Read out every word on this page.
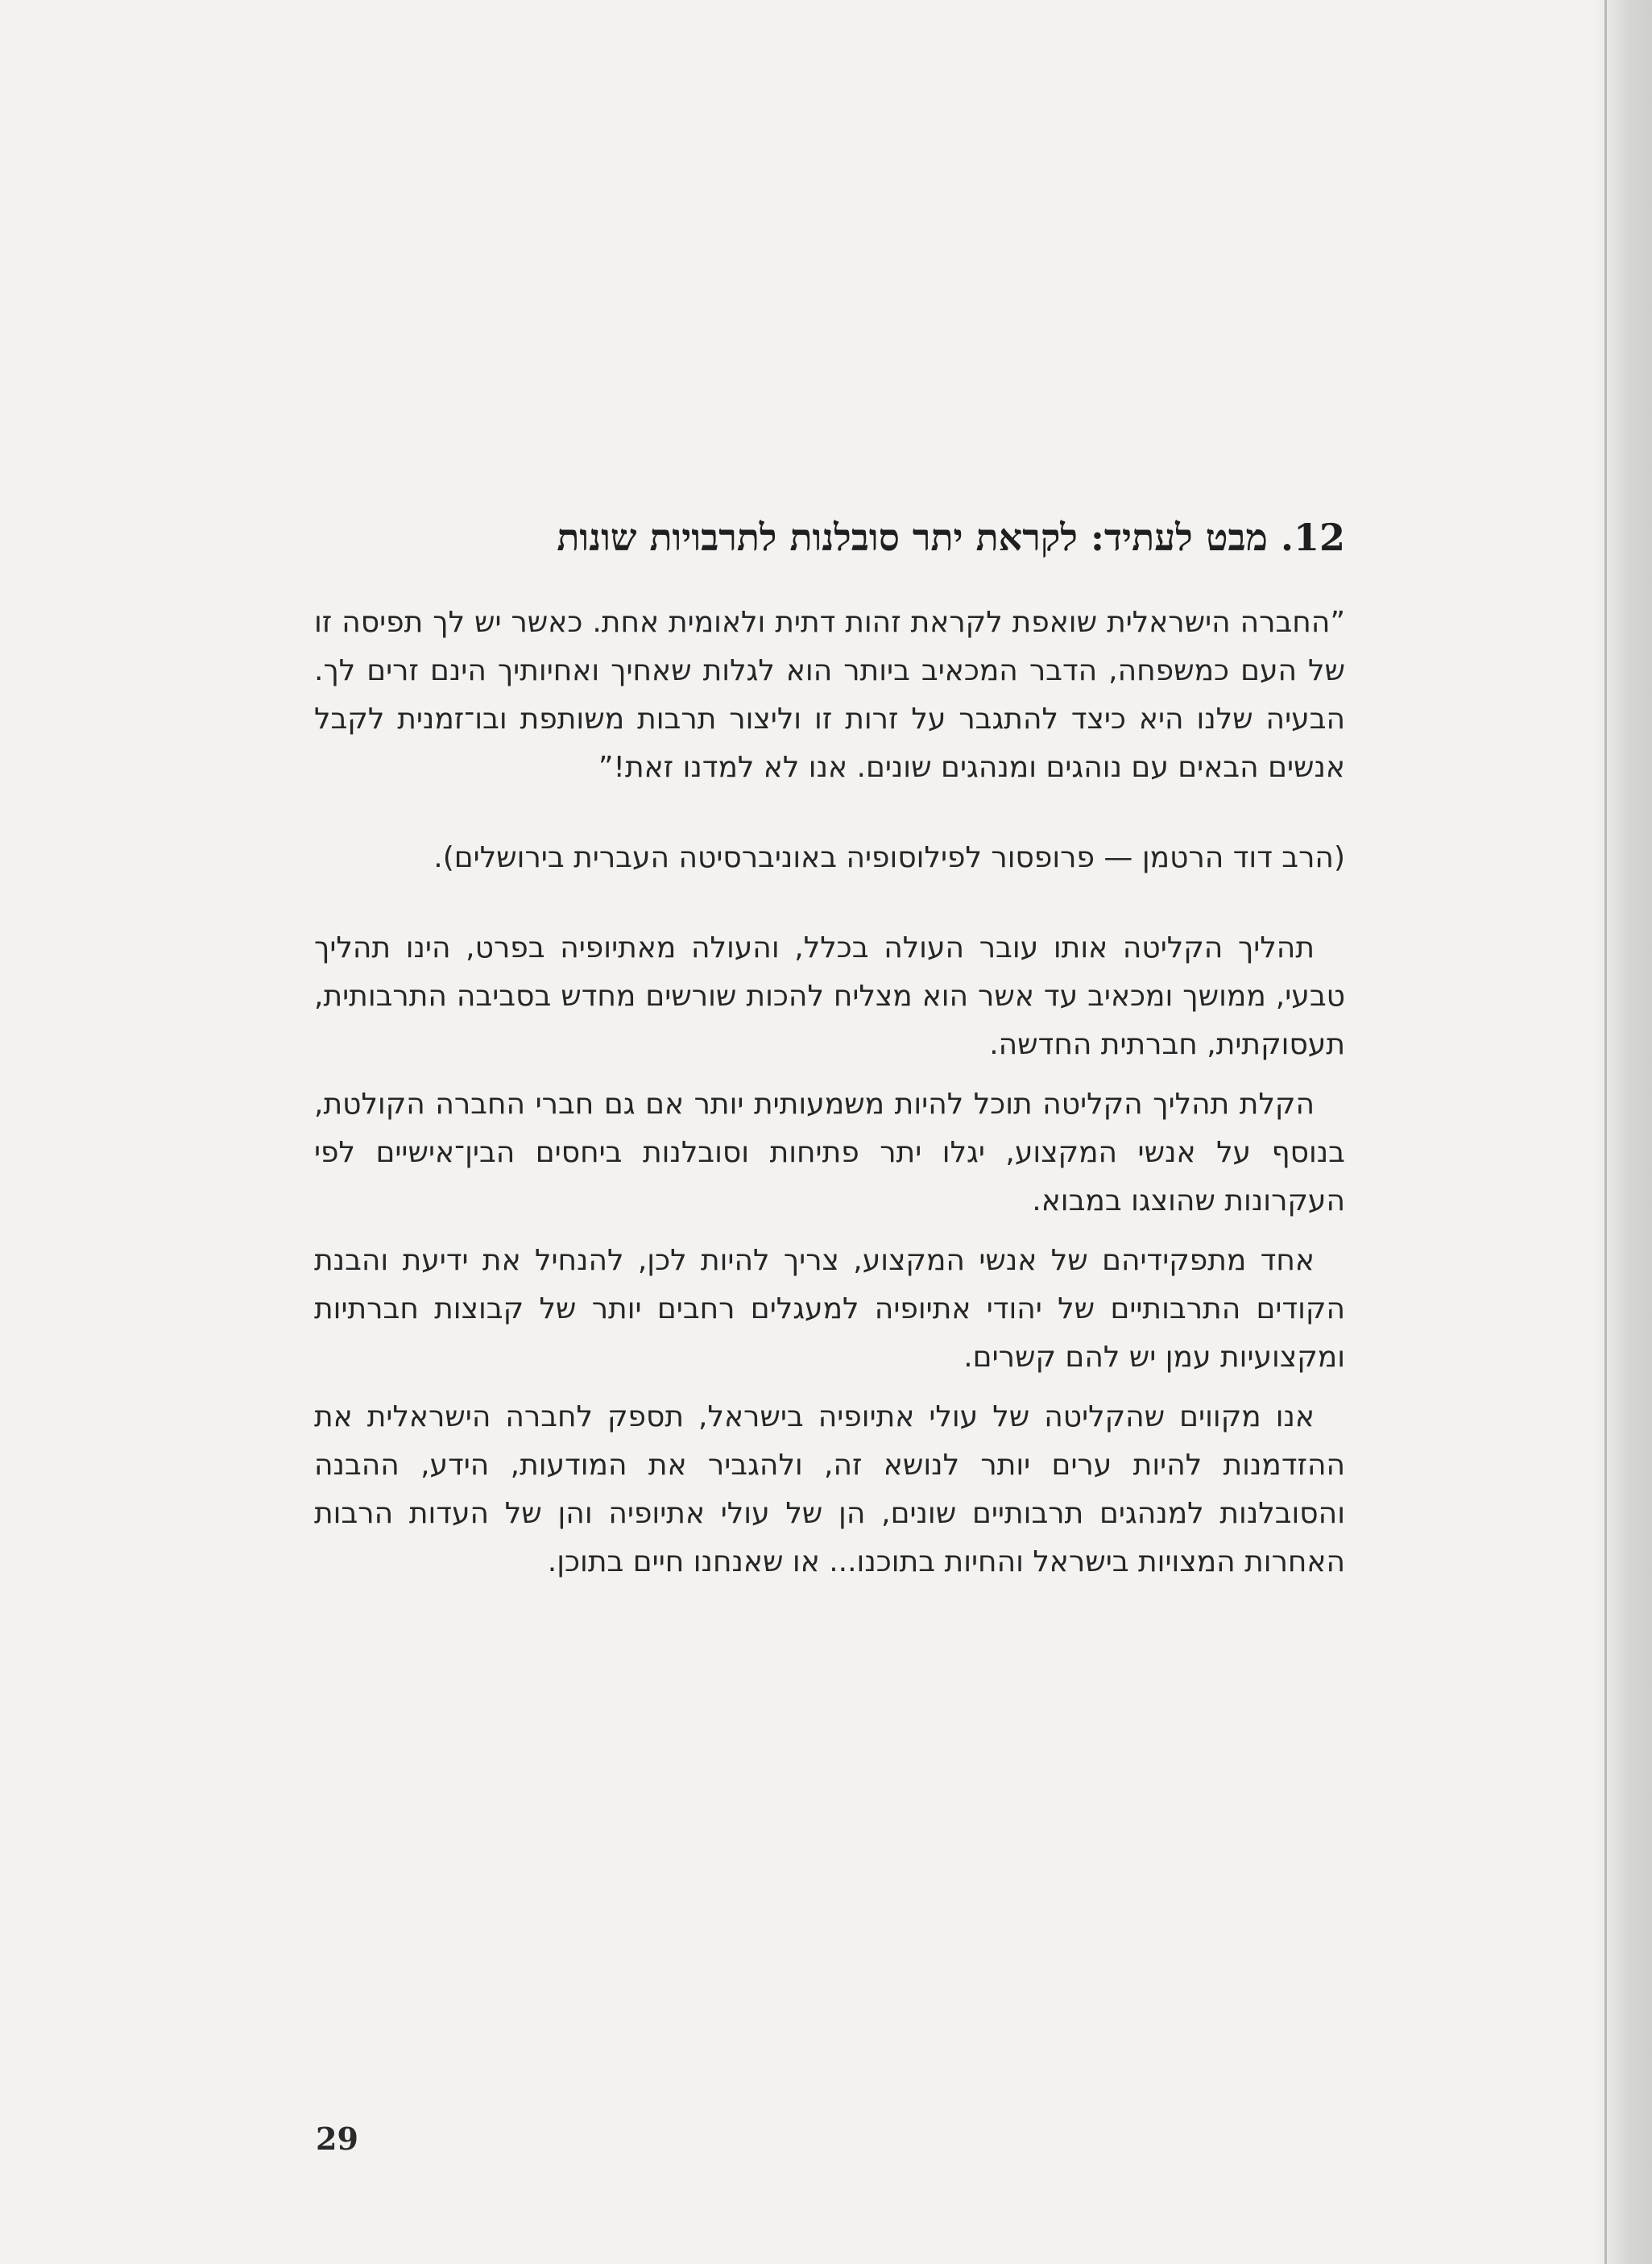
12. מבט לעתיד: לקראת יתר סובלנות לתרבויות שונות

”החברה הישראלית שואפת לקראת זהות דתית ולאומית אחת. כאשר יש לך תפיסה זו של העם כמשפחה, הדבר המכאיב ביותר הוא לגלות שאחיך ואחיותיך הינם זרים לך. הבעיה שלנו היא כיצד להתגבר על זרות זו וליצור תרבות משותפת ובו־זמנית לקבל אנשים הבאים עם נוהגים ומנהגים שונים. אנו לא למדנו זאת!”

(הרב דוד הרטמן — פרופסור לפילוסופיה באוניברסיטה העברית בירושלים).

תהליך הקליטה אותו עובר העולה בכלל, והעולה מאתיופיה בפרט, הינו תהליך טבעי, ממושך ומכאיב עד אשר הוא מצליח להכות שורשים מחדש בסביבה התרבותית, תעסוקתית, חברתית החדשה.

הקלת תהליך הקליטה תוכל להיות משמעותית יותר אם גם חברי החברה הקולטת, בנוסף על אנשי המקצוע, יגלו יתר פתיחות וסובלנות ביחסים הבין־אישיים לפי העקרונות שהוצגו במבוא.

אחד מתפקידיהם של אנשי המקצוע, צריך להיות לכן, להנחיל את ידיעת והבנת הקודים התרבותיים של יהודי אתיופיה למעגלים רחבים יותר של קבוצות חברתיות ומקצועיות עמן יש להם קשרים.

אנו מקווים שהקליטה של עולי אתיופיה בישראל, תספק לחברה הישראלית את ההזדמנות להיות ערים יותר לנושא זה, ולהגביר את המודעות, הידע, ההבנה והסובלנות למנהגים תרבותיים שונים, הן של עולי אתיופיה והן של העדות הרבות האחרות המצויות בישראל והחיות בתוכנו... או שאנחנו חיים בתוכן.

29
